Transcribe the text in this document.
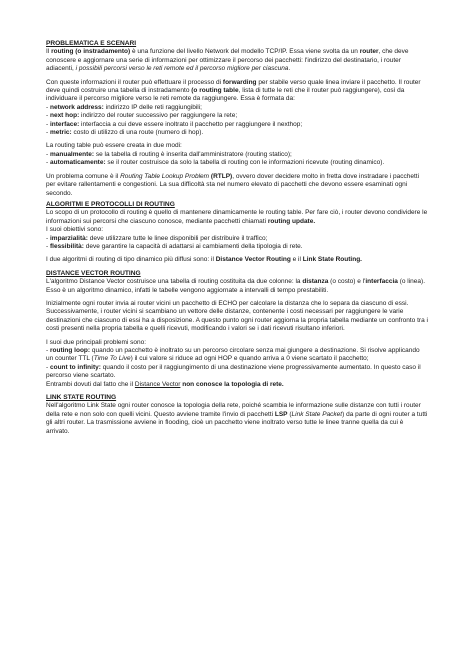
PROBLEMATICA E SCENARI
Il routing (o instradamento) è una funzione del livello Network del modello TCP/IP. Essa viene svolta da un router, che deve conoscere e aggiornare una serie di informazioni per ottimizzare il percorso dei pacchetti: l'indirizzo del destinatario, i router adiacenti, i possibili percorsi verso le reti remote ed il percorso migliore per ciascuna.
Con queste informazioni il router può effettuare il processo di forwarding per stabile verso quale linea inviare il pacchetto. Il router deve quindi costruire una tabella di instradamento (o routing table, lista di tutte le reti che il router può raggiungere), così da individuare il percorso migliore verso le reti remote da raggiungere. Essa è formata da:
- network address: indirizzo IP delle reti raggiungibili;
- next hop: indirizzo del router successivo per raggiungere la rete;
- interface: interfaccia a cui deve essere inoltrato il pacchetto per raggiungere il nexthop;
- metric: costo di utilizzo di una route (numero di hop).
La routing table può essere creata in due modi:
- manualmente: se la tabella di routing è inserita dall'amministratore (routing statico);
- automaticamente: se il router costruisce da solo la tabella di routing con le informazioni ricevute (routing dinamico).
Un problema comune è il Routing Table Lookup Problem (RTLP), ovvero dover decidere molto in fretta dove instradare i pacchetti per evitare rallentamenti e congestioni. La sua difficoltà sta nel numero elevato di pacchetti che devono essere esaminati ogni secondo.
ALGORITMI E PROTOCOLLI DI ROUTING
Lo scopo di un protocollo di routing è quello di mantenere dinamicamente le routing table. Per fare ciò, i router devono condividere le informazioni sui percorsi che ciascuno conosce, mediante pacchetti chiamati routing update.
I suoi obiettivi sono:
- imparzialità: deve utilizzare tutte le linee disponibili per distribuire il traffico;
- flessibilità: deve garantire la capacità di adattarsi ai cambiamenti della tipologia di rete.
I due algoritmi di routing di tipo dinamico più diffusi sono: il Distance Vector Routing e il Link State Routing.
DISTANCE VECTOR ROUTING
L'algoritmo Distance Vector costruisce una tabella di routing costituita da due colonne: la distanza (o costo) e l'interfaccia (o linea). Esso è un algoritmo dinamico, infatti le tabelle vengono aggiornate a intervalli di tempo prestabiliti.
Inizialmente ogni router invia ai router vicini un pacchetto di ECHO per calcolare la distanza che lo separa da ciascuno di essi. Successivamente, i router vicini si scambiano un vettore delle distanze, contenente i costi necessari per raggiungere le varie destinazioni che ciascuno di essi ha a disposizione. A questo punto ogni router aggiorna la propria tabella mediante un confronto tra i costi presenti nella propria tabella e quelli ricevuti, modificando i valori se i dati ricevuti risultano inferiori.
I suoi due principali problemi sono:
- routing loop: quando un pacchetto è inoltrato su un percorso circolare senza mai giungere a destinazione. Si risolve applicando un counter TTL (Time To Live) il cui valore si riduce ad ogni HOP e quando arriva a 0 viene scartato il pacchetto;
- count to infinity: quando il costo per il raggiungimento di una destinazione viene progressivamente aumentato. In questo caso il percorso viene scartato.
Entrambi dovuti dal fatto che il Distance Vector non conosce la topologia di rete.
LINK STATE ROUTING
Nell'algoritmo Link State ogni router conosce la topologia della rete, poiché scambia le informazione sulle distanze con tutti i router della rete e non solo con quelli vicini. Questo avviene tramite l'invio di pacchetti LSP (Link State Packet) da parte di ogni router a tutti gli altri router. La trasmissione avviene in flooding, cioè un pacchetto viene inoltrato verso tutte le linee tranne quella da cui è arrivato.
